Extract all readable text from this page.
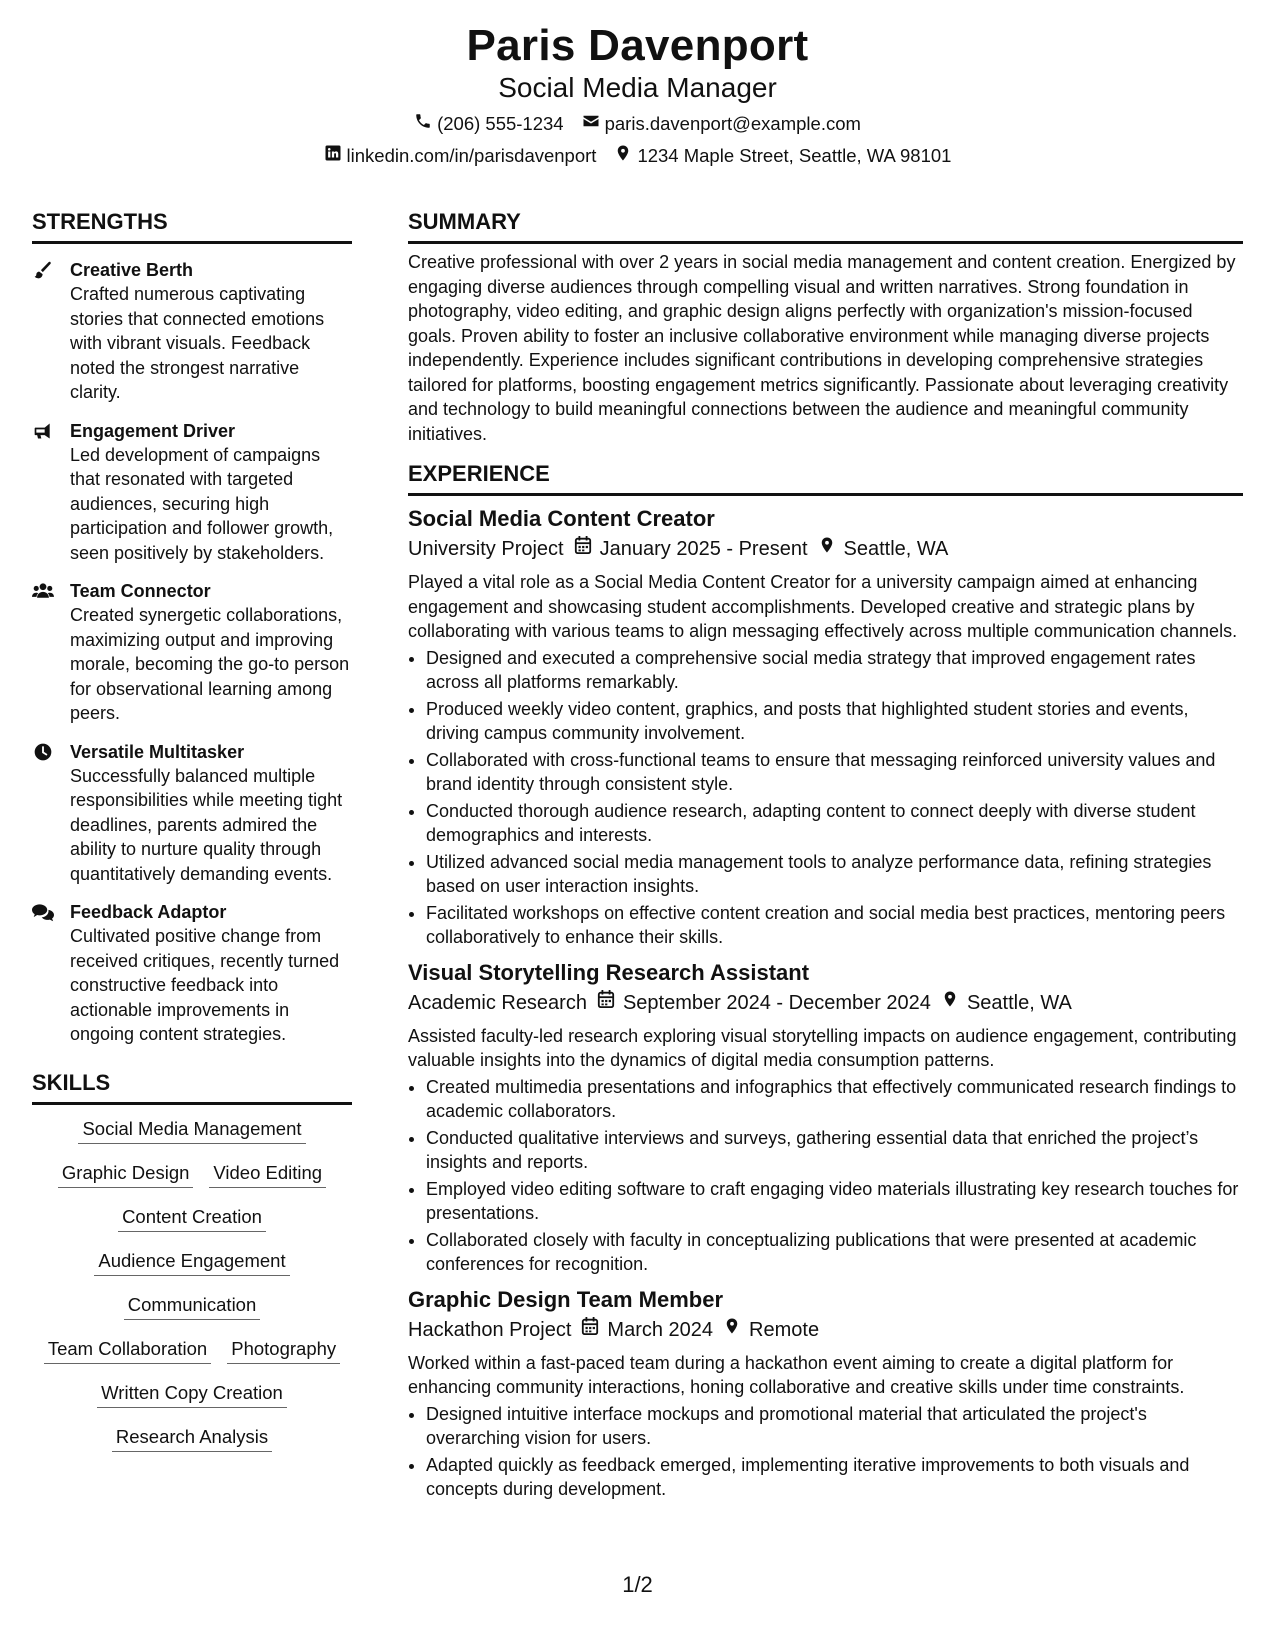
Paris Davenport
Social Media Manager
(206) 555-1234 paris.davenport@example.com
linkedin.com/in/parisdavenport 1234 Maple Street, Seattle, WA 98101
STRENGTHS
Creative Berth
Crafted numerous captivating stories that connected emotions with vibrant visuals. Feedback noted the strongest narrative clarity.
Engagement Driver
Led development of campaigns that resonated with targeted audiences, securing high participation and follower growth, seen positively by stakeholders.
Team Connector
Created synergetic collaborations, maximizing output and improving morale, becoming the go-to person for observational learning among peers.
Versatile Multitasker
Successfully balanced multiple responsibilities while meeting tight deadlines, parents admired the ability to nurture quality through quantitatively demanding events.
Feedback Adaptor
Cultivated positive change from received critiques, recently turned constructive feedback into actionable improvements in ongoing content strategies.
SKILLS
Social Media Management
Graphic Design Video Editing
Content Creation
Audience Engagement
Communication
Team Collaboration Photography
Written Copy Creation
Research Analysis
SUMMARY
Creative professional with over 2 years in social media management and content creation. Energized by engaging diverse audiences through compelling visual and written narratives. Strong foundation in photography, video editing, and graphic design aligns perfectly with organization's mission-focused goals. Proven ability to foster an inclusive collaborative environment while managing diverse projects independently. Experience includes significant contributions in developing comprehensive strategies tailored for platforms, boosting engagement metrics significantly. Passionate about leveraging creativity and technology to build meaningful connections between the audience and meaningful community initiatives.
EXPERIENCE
Social Media Content Creator
University Project January 2025 - Present Seattle, WA
Played a vital role as a Social Media Content Creator for a university campaign aimed at enhancing engagement and showcasing student accomplishments. Developed creative and strategic plans by collaborating with various teams to align messaging effectively across multiple communication channels.
• Designed and executed a comprehensive social media strategy that improved engagement rates across all platforms remarkably.
• Produced weekly video content, graphics, and posts that highlighted student stories and events, driving campus community involvement.
• Collaborated with cross-functional teams to ensure that messaging reinforced university values and brand identity through consistent style.
• Conducted thorough audience research, adapting content to connect deeply with diverse student demographics and interests.
• Utilized advanced social media management tools to analyze performance data, refining strategies based on user interaction insights.
• Facilitated workshops on effective content creation and social media best practices, mentoring peers collaboratively to enhance their skills.
Visual Storytelling Research Assistant
Academic Research September 2024 - December 2024 Seattle, WA
Assisted faculty-led research exploring visual storytelling impacts on audience engagement, contributing valuable insights into the dynamics of digital media consumption patterns.
• Created multimedia presentations and infographics that effectively communicated research findings to academic collaborators.
• Conducted qualitative interviews and surveys, gathering essential data that enriched the project’s insights and reports.
• Employed video editing software to craft engaging video materials illustrating key research touches for presentations.
• Collaborated closely with faculty in conceptualizing publications that were presented at academic conferences for recognition.
Graphic Design Team Member
Hackathon Project March 2024 Remote
Worked within a fast-paced team during a hackathon event aiming to create a digital platform for enhancing community interactions, honing collaborative and creative skills under time constraints.
• Designed intuitive interface mockups and promotional material that articulated the project's overarching vision for users.
• Adapted quickly as feedback emerged, implementing iterative improvements to both visuals and concepts during development.
1/2
